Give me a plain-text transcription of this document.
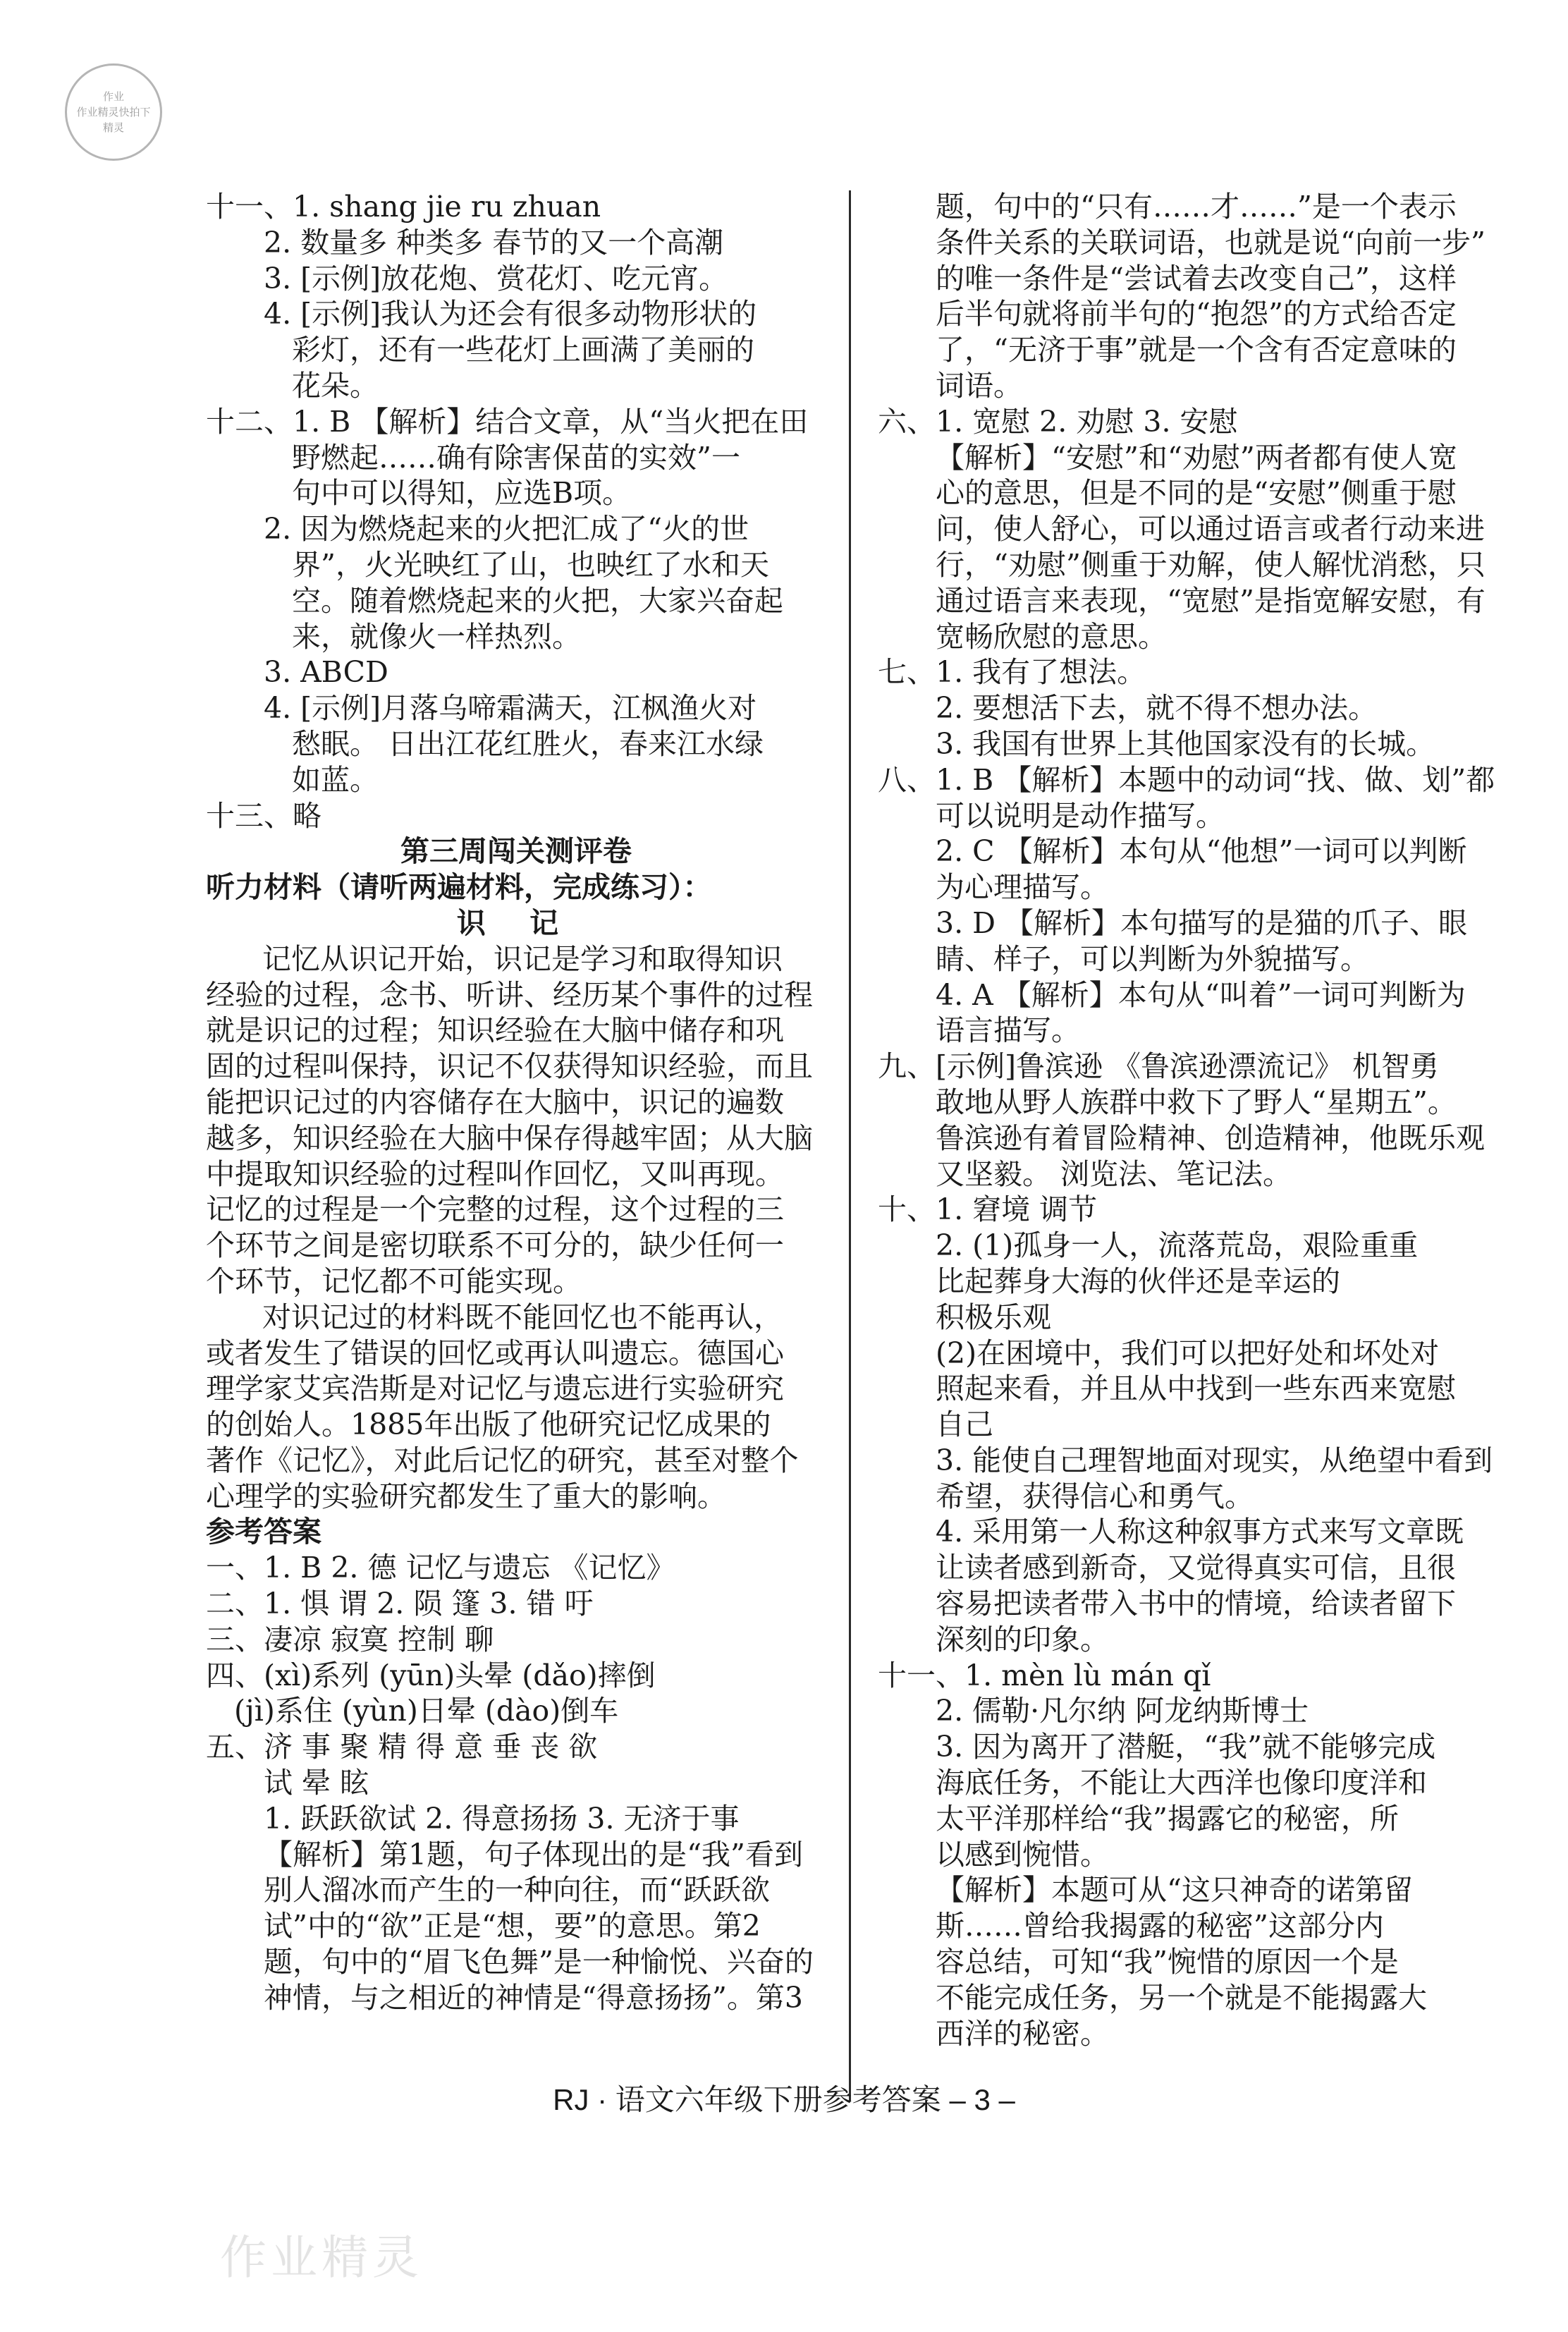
作业
作业精灵快拍下
精灵
十一、1. shang jie ru zhuan
2. 数量多 种类多 春节的又一个高潮
3. [示例]放花炮、赏花灯、吃元宵。
4. [示例]我认为还会有很多动物形状的
彩灯，还有一些花灯上画满了美丽的
花朵。
十二、1. B 【解析】结合文章，从“当火把在田
野燃起……确有除害保苗的实效”一
句中可以得知，应选B项。
2. 因为燃烧起来的火把汇成了“火的世
界”，火光映红了山，也映红了水和天
空。随着燃烧起来的火把，大家兴奋起
来，就像火一样热烈。
3. ABCD
4. [示例]月落乌啼霜满天，江枫渔火对
愁眠。 日出江花红胜火，春来江水绿
如蓝。
十三、略
第三周闯关测评卷
听力材料（请听两遍材料，完成练习）：
识 记
记忆从识记开始，识记是学习和取得知识
经验的过程，念书、听讲、经历某个事件的过程
就是识记的过程；知识经验在大脑中储存和巩
固的过程叫保持，识记不仅获得知识经验，而且
能把识记过的内容储存在大脑中，识记的遍数
越多，知识经验在大脑中保存得越牢固；从大脑
中提取知识经验的过程叫作回忆，又叫再现。
记忆的过程是一个完整的过程，这个过程的三
个环节之间是密切联系不可分的，缺少任何一
个环节，记忆都不可能实现。
对识记过的材料既不能回忆也不能再认，
或者发生了错误的回忆或再认叫遗忘。德国心
理学家艾宾浩斯是对记忆与遗忘进行实验研究
的创始人。1885年出版了他研究记忆成果的
著作《记忆》，对此后记忆的研究，甚至对整个
心理学的实验研究都发生了重大的影响。
参考答案
一、1. B 2. 德 记忆与遗忘 《记忆》
二、1. 惧 谓 2. 陨 篷 3. 错 吁
三、凄凉 寂寞 控制 聊
四、(xì)系列 (yūn)头晕 (dǎo)摔倒
(jì)系住 (yùn)日晕 (dào)倒车
五、济 事 聚 精 得 意 垂 丧 欲
试 晕 眩
1. 跃跃欲试 2. 得意扬扬 3. 无济于事
【解析】第1题，句子体现出的是“我”看到
别人溜冰而产生的一种向往，而“跃跃欲
试”中的“欲”正是“想，要”的意思。第2
题，句中的“眉飞色舞”是一种愉悦、兴奋的
神情，与之相近的神情是“得意扬扬”。第3
题，句中的“只有……才……”是一个表示
条件关系的关联词语，也就是说“向前一步”
的唯一条件是“尝试着去改变自己”，这样
后半句就将前半句的“抱怨”的方式给否定
了，“无济于事”就是一个含有否定意味的
词语。
六、1. 宽慰 2. 劝慰 3. 安慰
【解析】“安慰”和“劝慰”两者都有使人宽
心的意思，但是不同的是“安慰”侧重于慰
问，使人舒心，可以通过语言或者行动来进
行，“劝慰”侧重于劝解，使人解忧消愁，只
通过语言来表现，“宽慰”是指宽解安慰，有
宽畅欣慰的意思。
七、1. 我有了想法。
2. 要想活下去，就不得不想办法。
3. 我国有世界上其他国家没有的长城。
八、1. B 【解析】本题中的动词“找、做、划”都
可以说明是动作描写。
2. C 【解析】本句从“他想”一词可以判断
为心理描写。
3. D 【解析】本句描写的是猫的爪子、眼
睛、样子，可以判断为外貌描写。
4. A 【解析】本句从“叫着”一词可判断为
语言描写。
九、[示例]鲁滨逊 《鲁滨逊漂流记》 机智勇
敢地从野人族群中救下了野人“星期五”。
鲁滨逊有着冒险精神、创造精神，他既乐观
又坚毅。 浏览法、笔记法。
十、1. 窘境 调节
2. (1)孤身一人，流落荒岛，艰险重重
比起葬身大海的伙伴还是幸运的
积极乐观
(2)在困境中，我们可以把好处和坏处对
照起来看，并且从中找到一些东西来宽慰
自己
3. 能使自己理智地面对现实，从绝望中看到
希望，获得信心和勇气。
4. 采用第一人称这种叙事方式来写文章既
让读者感到新奇，又觉得真实可信，且很
容易把读者带入书中的情境，给读者留下
深刻的印象。
十一、1. mèn lù mán qǐ
2. 儒勒·凡尔纳 阿龙纳斯博士
3. 因为离开了潜艇，“我”就不能够完成
海底任务，不能让大西洋也像印度洋和
太平洋那样给“我”揭露它的秘密，所
以感到惋惜。
【解析】本题可从“这只神奇的诺第留
斯……曾给我揭露的秘密”这部分内
容总结，可知“我”惋惜的原因一个是
不能完成任务，另一个就是不能揭露大
西洋的秘密。
RJ · 语文六年级下册参考答案 – 3 –
作业精灵
